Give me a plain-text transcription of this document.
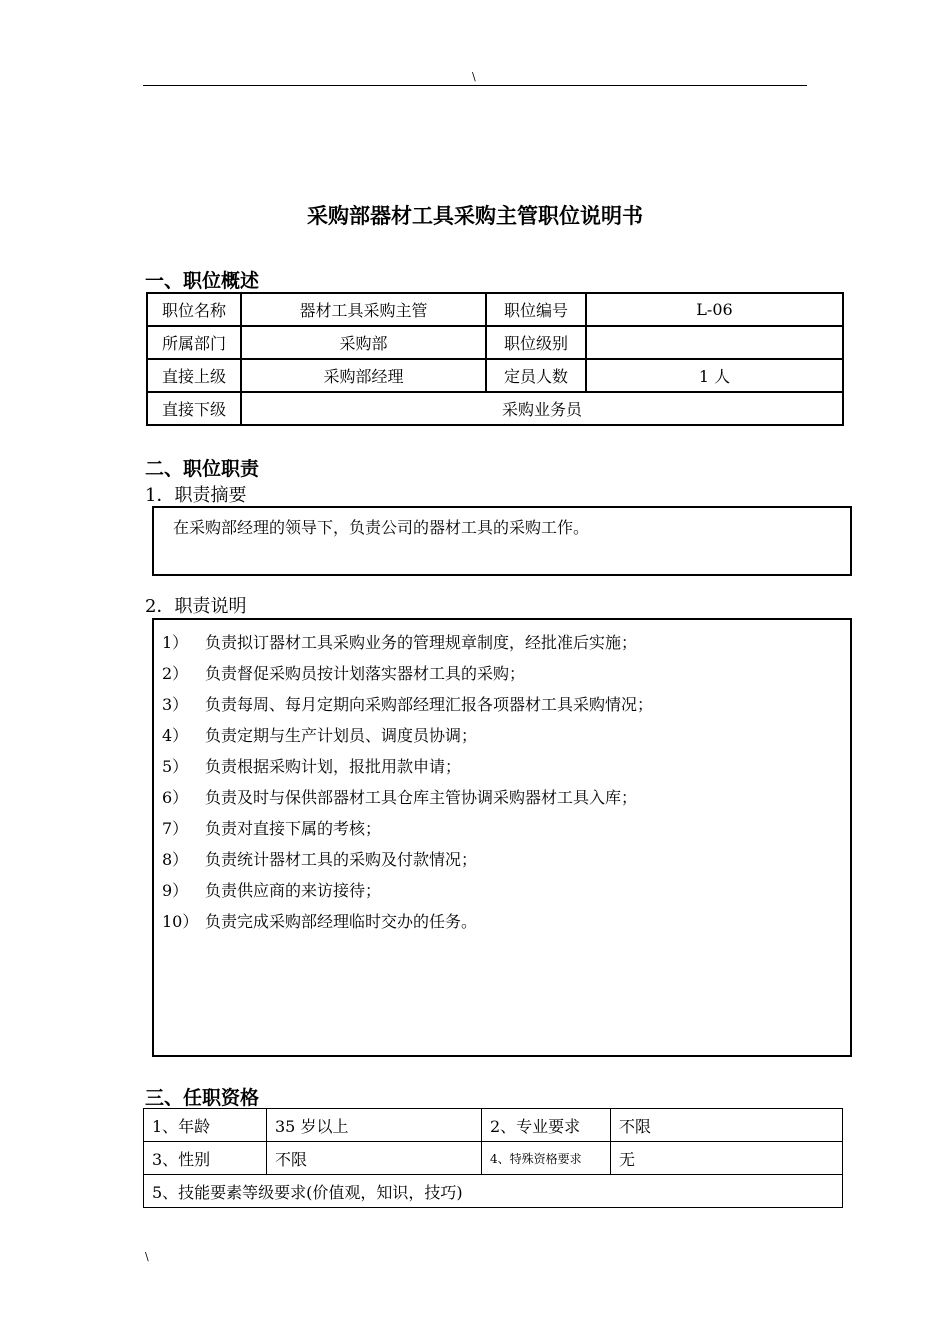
\
采购部器材工具采购主管职位说明书
一、职位概述
职位名称	器材工具采购主管	职位编号	L-06
所属部门	采购部	职位级别	
直接上级	采购部经理	定员人数	1 人
直接下级	采购业务员		
二、职位职责
1．职责摘要
在采购部经理的领导下，负责公司的器材工具的采购工作。
2．职责说明
1） 负责拟订器材工具采购业务的管理规章制度，经批准后实施；
2） 负责督促采购员按计划落实器材工具的采购；
3） 负责每周、每月定期向采购部经理汇报各项器材工具采购情况；
4） 负责定期与生产计划员、调度员协调；
5） 负责根据采购计划，报批用款申请；
6） 负责及时与保供部器材工具仓库主管协调采购器材工具入库；
7） 负责对直接下属的考核；
8） 负责统计器材工具的采购及付款情况；
9） 负责供应商的来访接待；
10） 负责完成采购部经理临时交办的任务。
三、任职资格
1、年龄	35 岁以上	2、专业要求	不限
3、性别	不限	4、特殊资格要求	无
5、技能要素等级要求(价值观，知识，技巧)			
\
